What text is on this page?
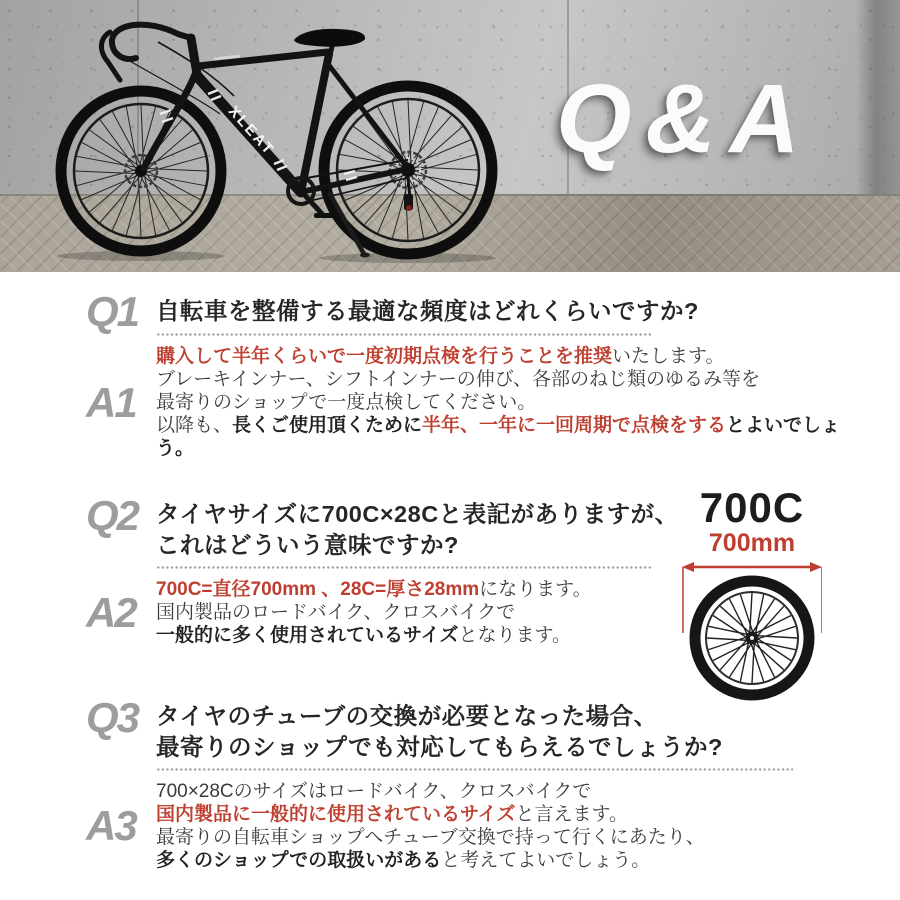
XLEAT	Q&A
Q1 自転車を整備する最適な頻度はどれくらいですか?
A1
購入して半年くらいで一度初期点検を行うことを推奨いたします。
ブレーキインナー、シフトインナーの伸び、各部のねじ類のゆるみ等を
最寄りのショップで一度点検してください。
以降も、長くご使用頂くために半年、一年に一回周期で点検をするとよいでしょう。
Q2 タイヤサイズに700C×28Cと表記がありますが、
これはどういう意味ですか?
A2	700C=直径700mm 、28C=厚さ28mmになります。
国内製品のロードバイク、クロスバイクで
一般的に多く使用されているサイズとなります。
Q3 タイヤのチューブの交換が必要となった場合、
最寄りのショップでも対応してもらえるでしょうか?
A3
700×28Cのサイズはロードバイク、クロスバイクで
国内製品に一般的に使用されているサイズと言えます。
最寄りの自転車ショップへチューブ交換で持って行くにあたり、
多くのショップでの取扱いがあると考えてよいでしょう。
700C
700mm
